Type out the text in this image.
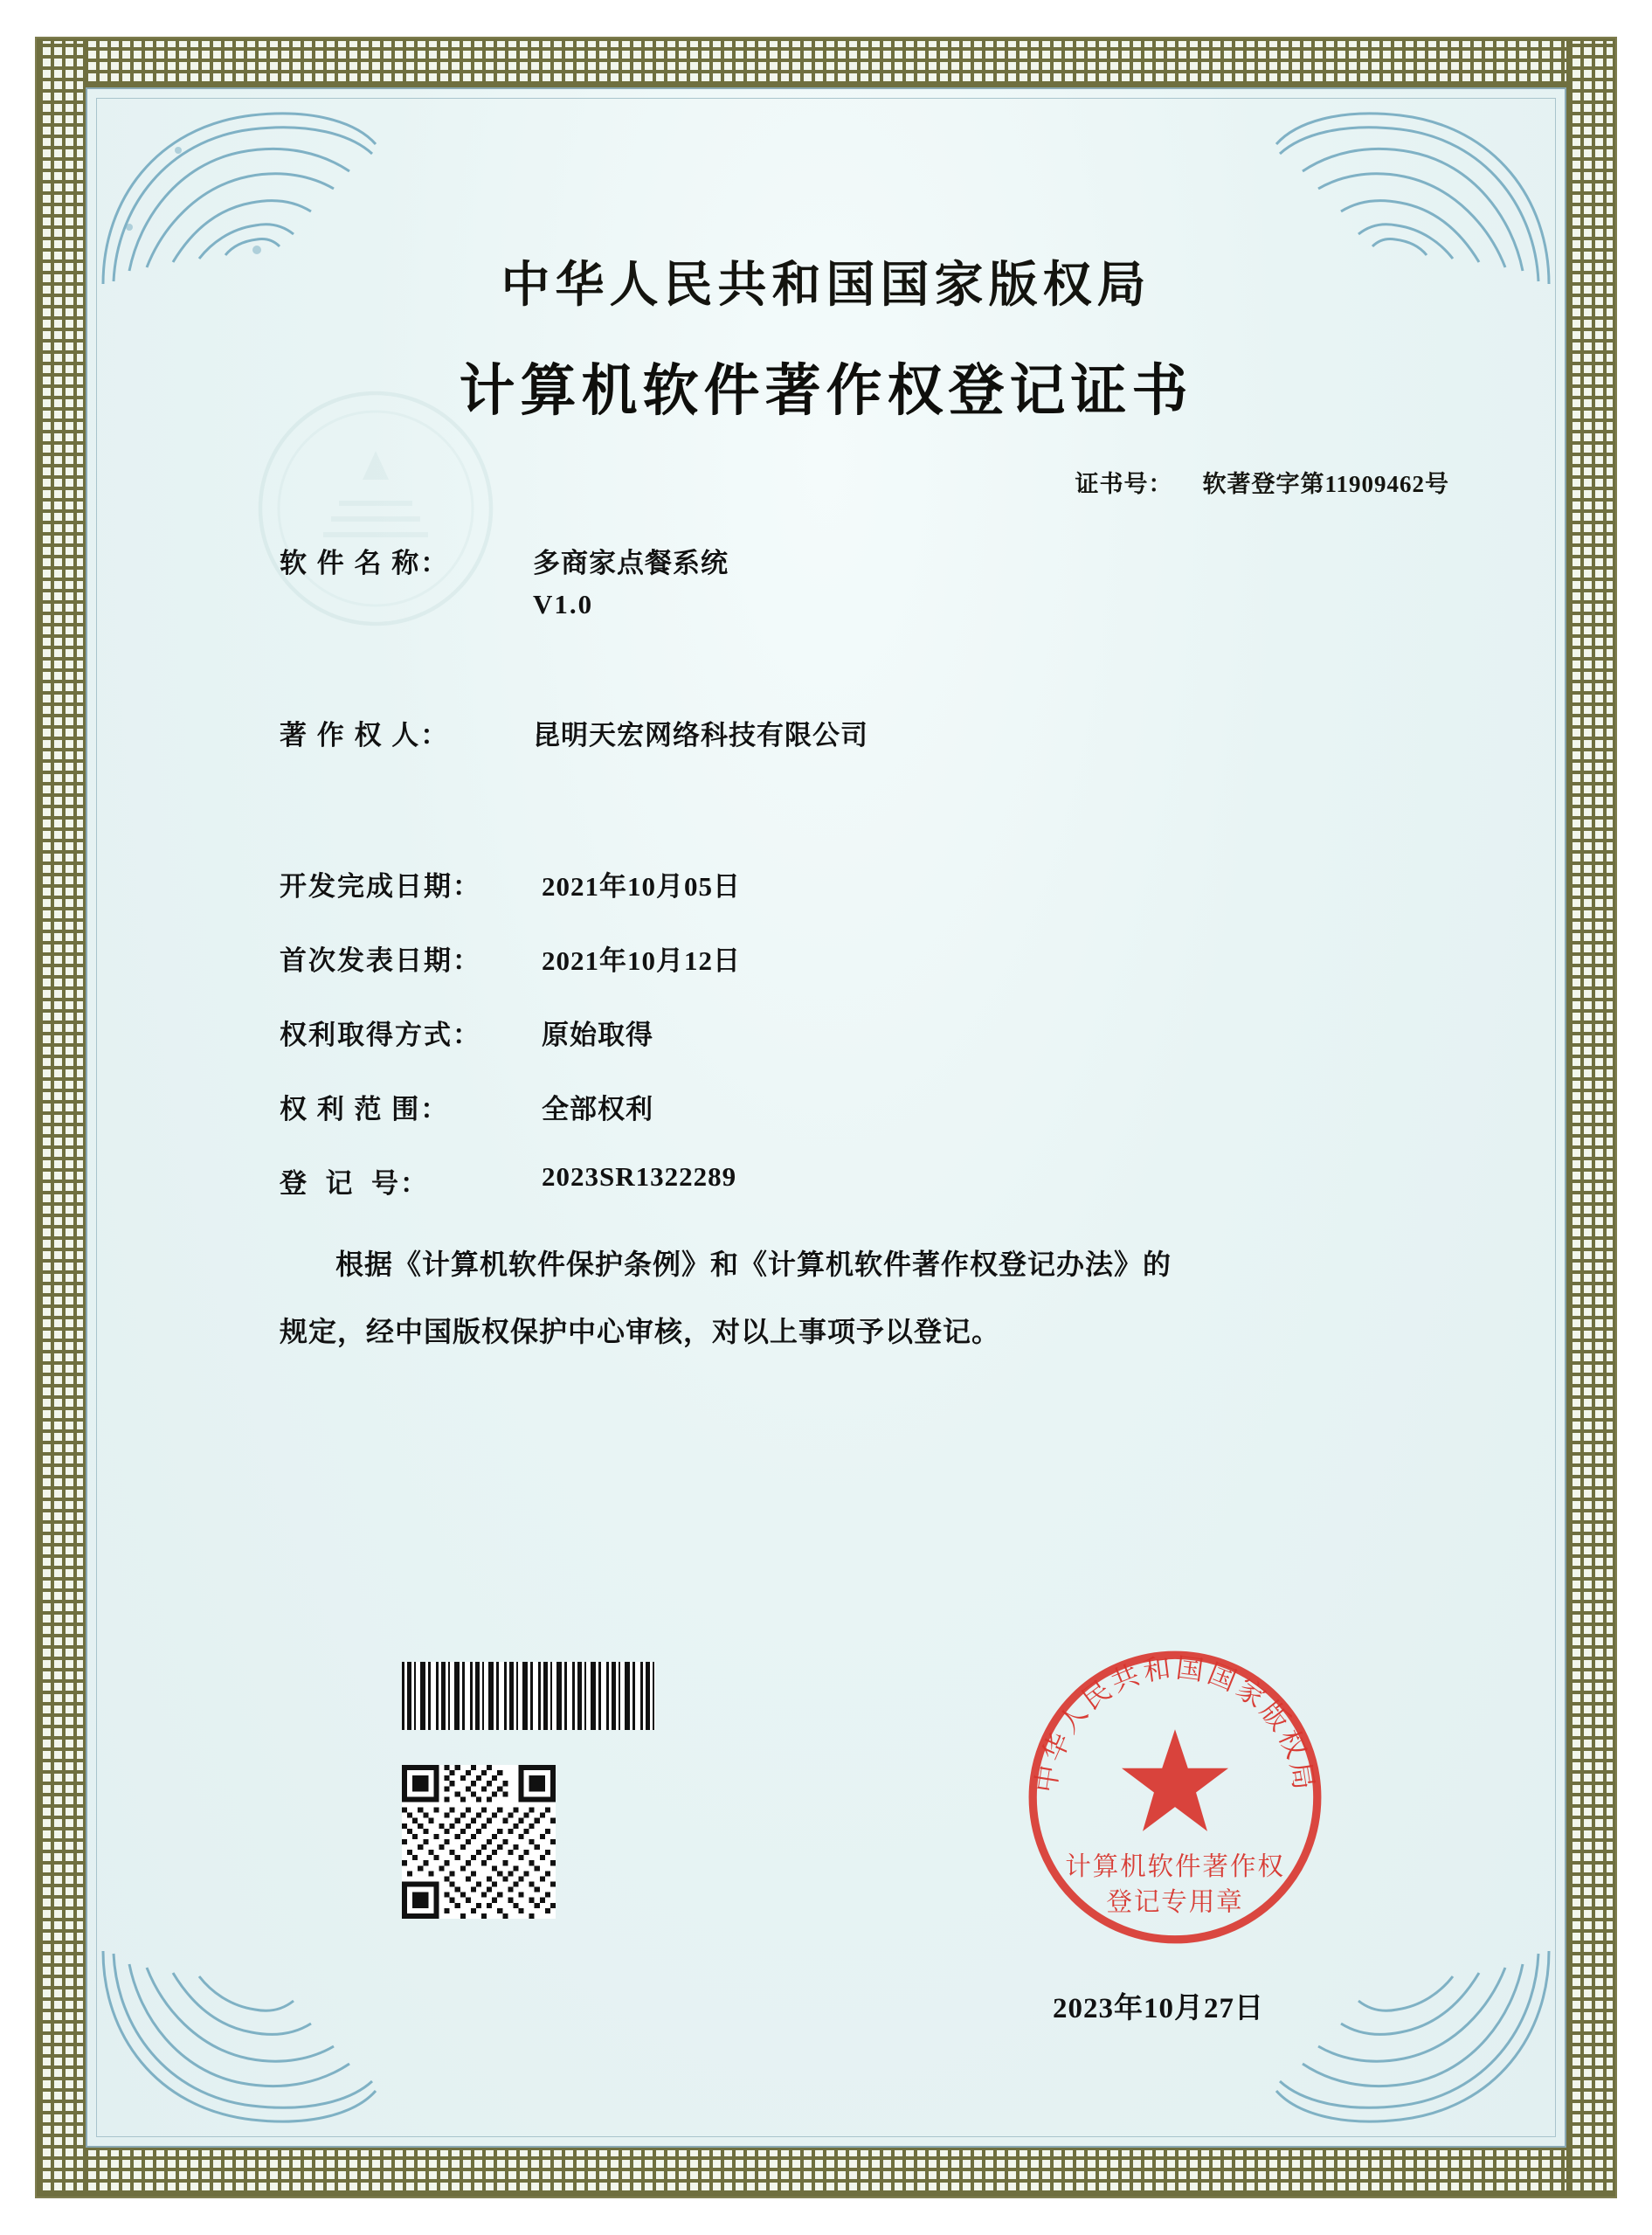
中华人民共和国国家版权局
计算机软件著作权登记证书
证书号： 软著登字第11909462号
软 件 名 称：	多商家点餐系统
V1.0
著 作 权 人：	昆明天宏网络科技有限公司
开发完成日期：	2021年10月05日
首次发表日期：	2021年10月12日
权利取得方式：	原始取得
权 利 范 围：	全部权利
登  记  号：	2023SR1322289

根据《计算机软件保护条例》和《计算机软件著作权登记办法》的

规定，经中国版权保护中心审核，对以上事项予以登记。

中华人民共和国国家版权局
计算机软件著作权
登记专用章
2023年10月27日
